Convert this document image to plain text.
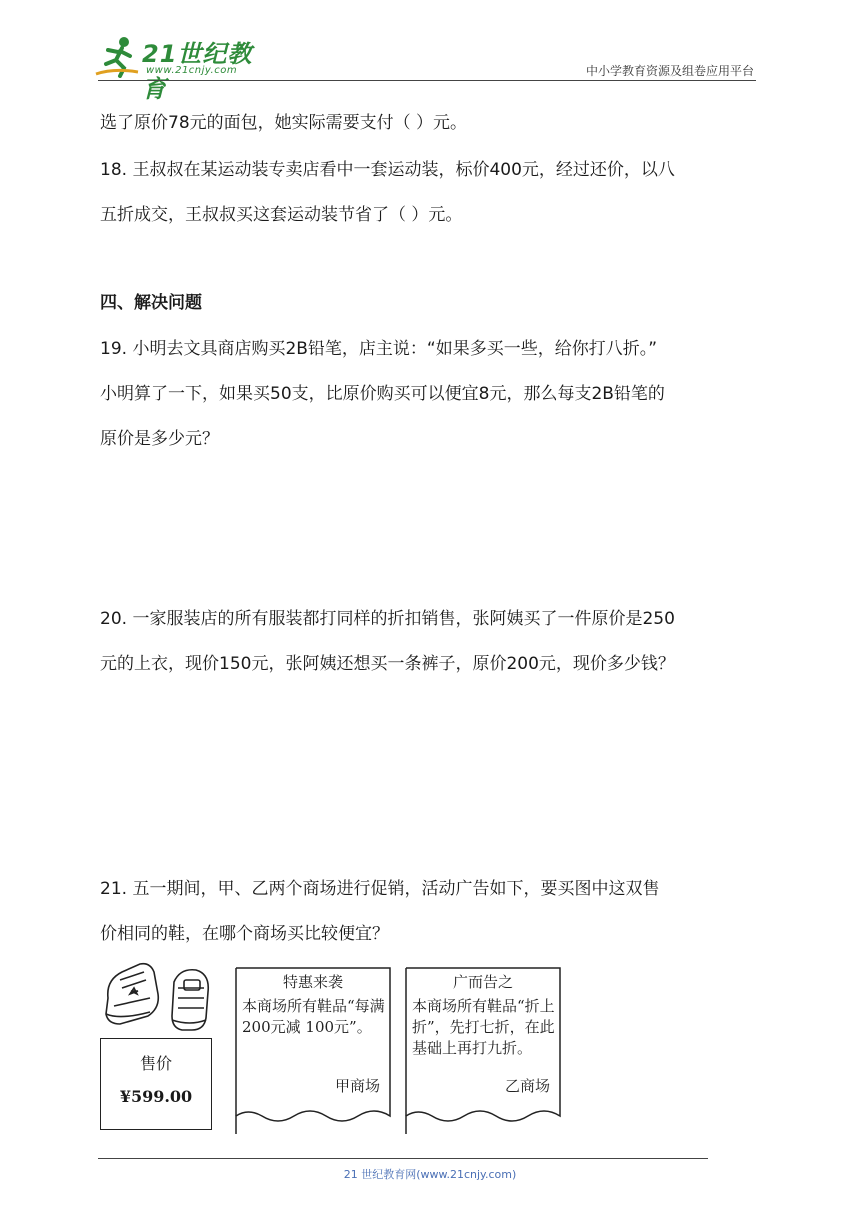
21世纪教育
www.21cnjy.com	中小学教育资源及组卷应用平台
选了原价78元的面包，她实际需要支付（ ）元。
18. 王叔叔在某运动装专卖店看中一套运动装，标价400元，经过还价，以八
五折成交，王叔叔买这套运动装节省了（ ）元。
四、解决问题
19. 小明去文具商店购买2B铅笔，店主说：“如果多买一些，给你打八折。”
小明算了一下，如果买50支，比原价购买可以便宜8元，那么每支2B铅笔的
原价是多少元？
20. 一家服装店的所有服装都打同样的折扣销售，张阿姨买了一件原价是250
元的上衣，现价150元，张阿姨还想买一条裤子，原价200元，现价多少钱？
21. 五一期间，甲、乙两个商场进行促销，活动广告如下，要买图中这双售
价相同的鞋，在哪个商场买比较便宜？
售价
¥599.00
特惠来袭
本商场所有鞋品“每满200元减 100元”。
甲商场
广而告之
本商场所有鞋品“折上折”，先打七折，在此基础上再打九折。
乙商场
21 世纪教育网(www.21cnjy.com)
